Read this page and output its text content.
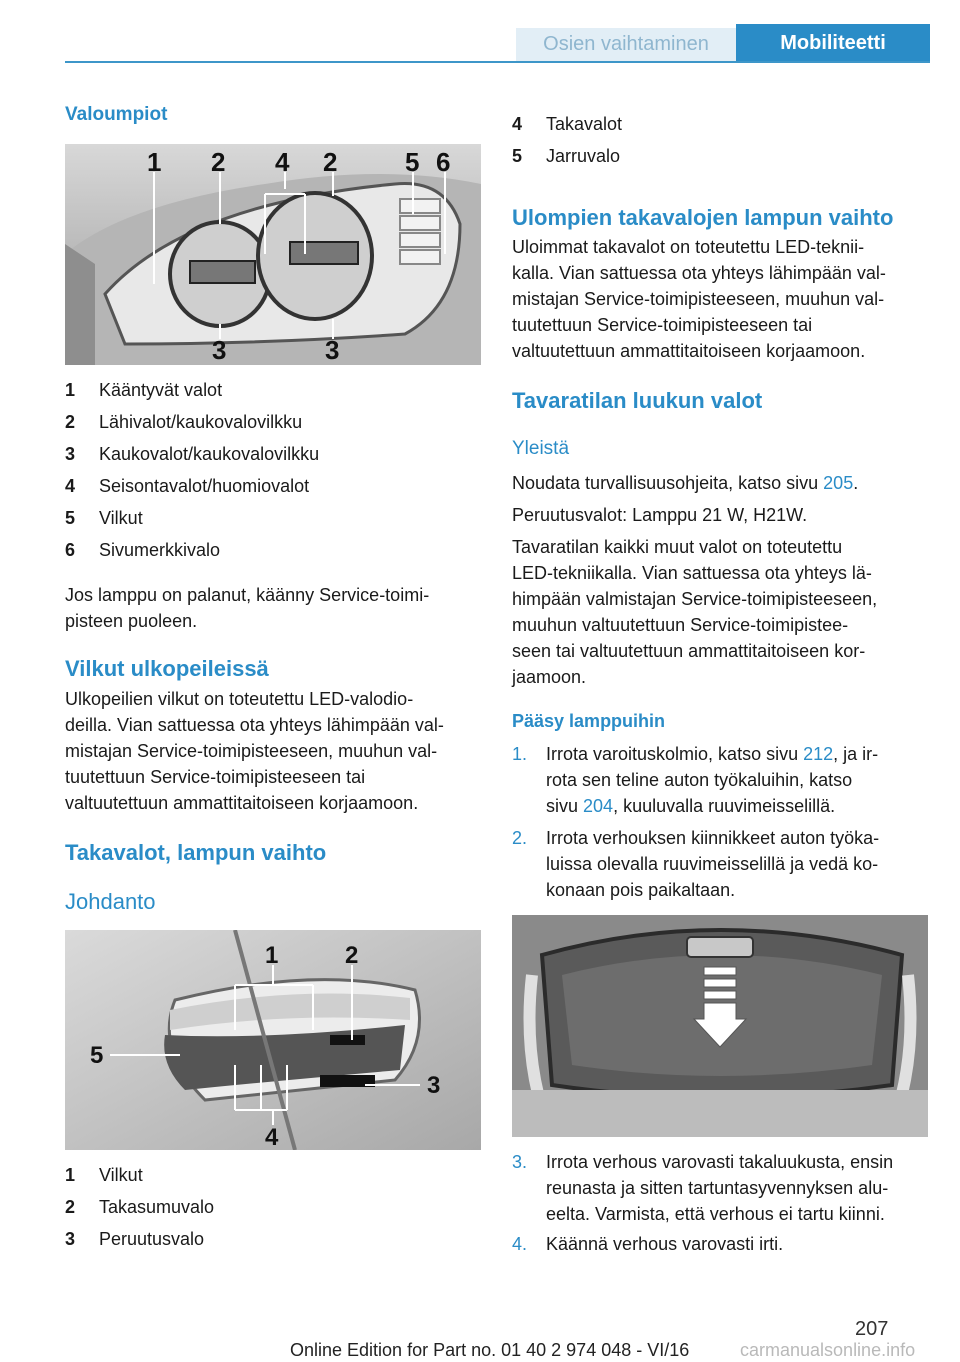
Osien vaihtaminen	Mobiliteetti
Valoumpiot
1 2 4 2	5 6
3	3
1 Kääntyvät valot
2 Lähivalot/kaukovalovilkku
3 Kaukovalot/kaukovalovilkku
4 Seisontavalot/huomiovalot
5 Vilkut
6 Sivumerkkivalo
Jos lamppu on palanut, käänny Service-toimi‐
pisteen puoleen.
Vilkut ulkopeileissä
Ulkopeilien vilkut on toteutettu LED-valodio‐
deilla. Vian sattuessa ota yhteys lähimpään val‐
mistajan Service-toimipisteeseen, muuhun val‐
tuutettuun Service-toimipisteeseen tai
valtuutettuun ammattitaitoiseen korjaamoon.
Takavalot, lampun vaihto
Johdanto
1	2
5
3
4
1 Vilkut
2 Takasumuvalo
3 Peruutusvalo
4 Takavalot
5 Jarruvalo
Ulompien takavalojen lampun vaihto
Uloimmat takavalot on toteutettu LED-teknii‐
kalla. Vian sattuessa ota yhteys lähimpään val‐
mistajan Service-toimipisteeseen, muuhun val‐
tuutettuun Service-toimipisteeseen tai
valtuutettuun ammattitaitoiseen korjaamoon.
Tavaratilan luukun valot
Yleistä
Noudata turvallisuusohjeita, katso sivu 205.
Peruutusvalot: Lamppu 21 W, H21W.
Tavaratilan kaikki muut valot on toteutettu
LED-tekniikalla. Vian sattuessa ota yhteys lä‐
himpään valmistajan Service-toimipisteeseen,
muuhun valtuutettuun Service-toimipistee‐
seen tai valtuutettuun ammattitaitoiseen kor‐
jaamoon.
Pääsy lamppuihin
1. Irrota varoituskolmio, katso sivu 212, ja ir‐
rota sen teline auton työkaluihin, katso
sivu 204, kuuluvalla ruuvimeisselillä.
2. Irrota verhouksen kiinnikkeet auton työka‐
luissa olevalla ruuvimeisselillä ja vedä ko‐
konaan pois paikaltaan.
3. Irrota verhous varovasti takaluukusta, ensin
reunasta ja sitten tartuntasyvennyksen alu‐
eelta. Varmista, että verhous ei tartu kiinni.
4. Käännä verhous varovasti irti.
207
Online Edition for Part no. 01 40 2 974 048 - VI/16	carmanualsonline.info
